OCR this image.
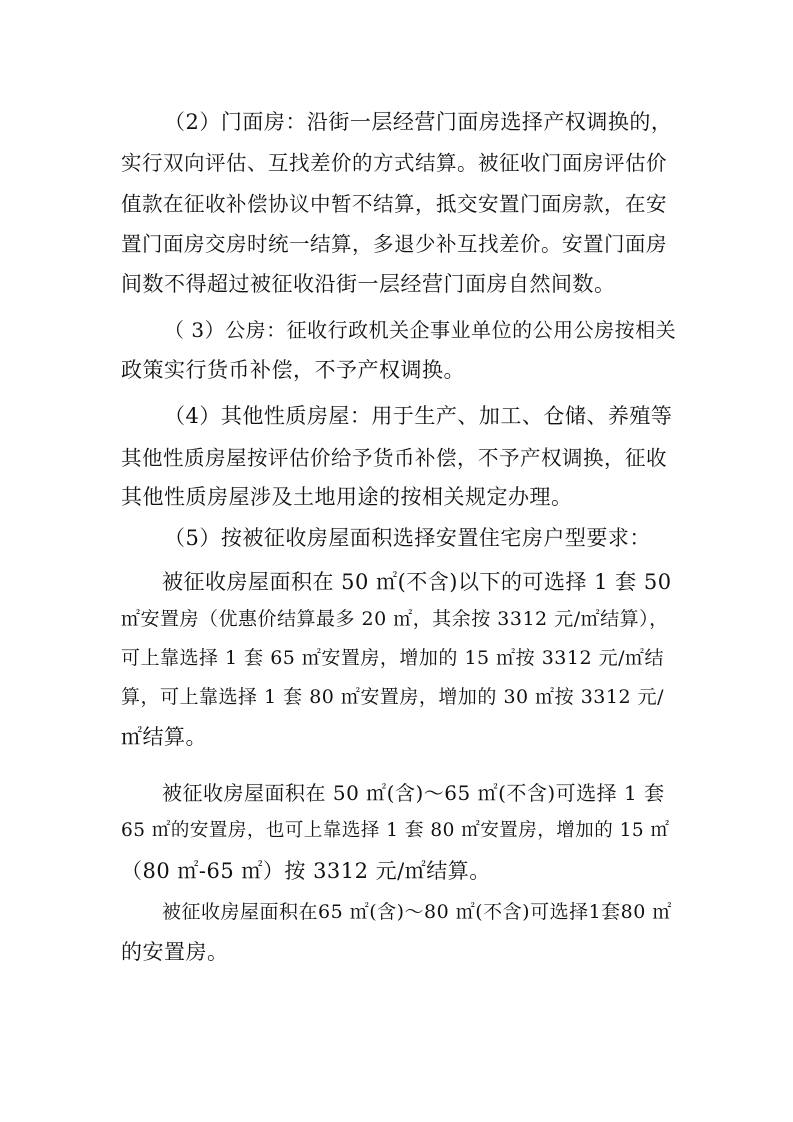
（2）门面房：沿街一层经营门面房选择产权调换的，
实行双向评估、互找差价的方式结算。被征收门面房评估价
值款在征收补偿协议中暂不结算，抵交安置门面房款，在安
置门面房交房时统一结算，多退少补互找差价。安置门面房
间数不得超过被征收沿街一层经营门面房自然间数。
（ 3）公房：征收行政机关企事业单位的公用公房按相关
政策实行货币补偿，不予产权调换。
（4）其他性质房屋：用于生产、加工、仓储、养殖等
其他性质房屋按评估价给予货币补偿，不予产权调换，征收
其他性质房屋涉及土地用途的按相关规定办理。
（5）按被征收房屋面积选择安置住宅房户型要求：
被征收房屋面积在 50 ㎡(不含)以下的可选择 1 套 50
㎡安置房（优惠价结算最多 20 ㎡，其余按 3312 元/㎡结算），
可上靠选择 1 套 65 ㎡安置房，增加的 15 ㎡按 3312 元/㎡结
算，可上靠选择 1 套 80 ㎡安置房，增加的 30 ㎡按 3312 元/
㎡结算。
被征收房屋面积在 50 ㎡(含)～65 ㎡(不含)可选择 1 套
65 ㎡的安置房，也可上靠选择 1 套 80 ㎡安置房，增加的 15 ㎡
（80 ㎡-65 ㎡）按 3312 元/㎡结算。
被征收房屋面积在65 ㎡(含)～80 ㎡(不含)可选择1套80 ㎡
的安置房。
